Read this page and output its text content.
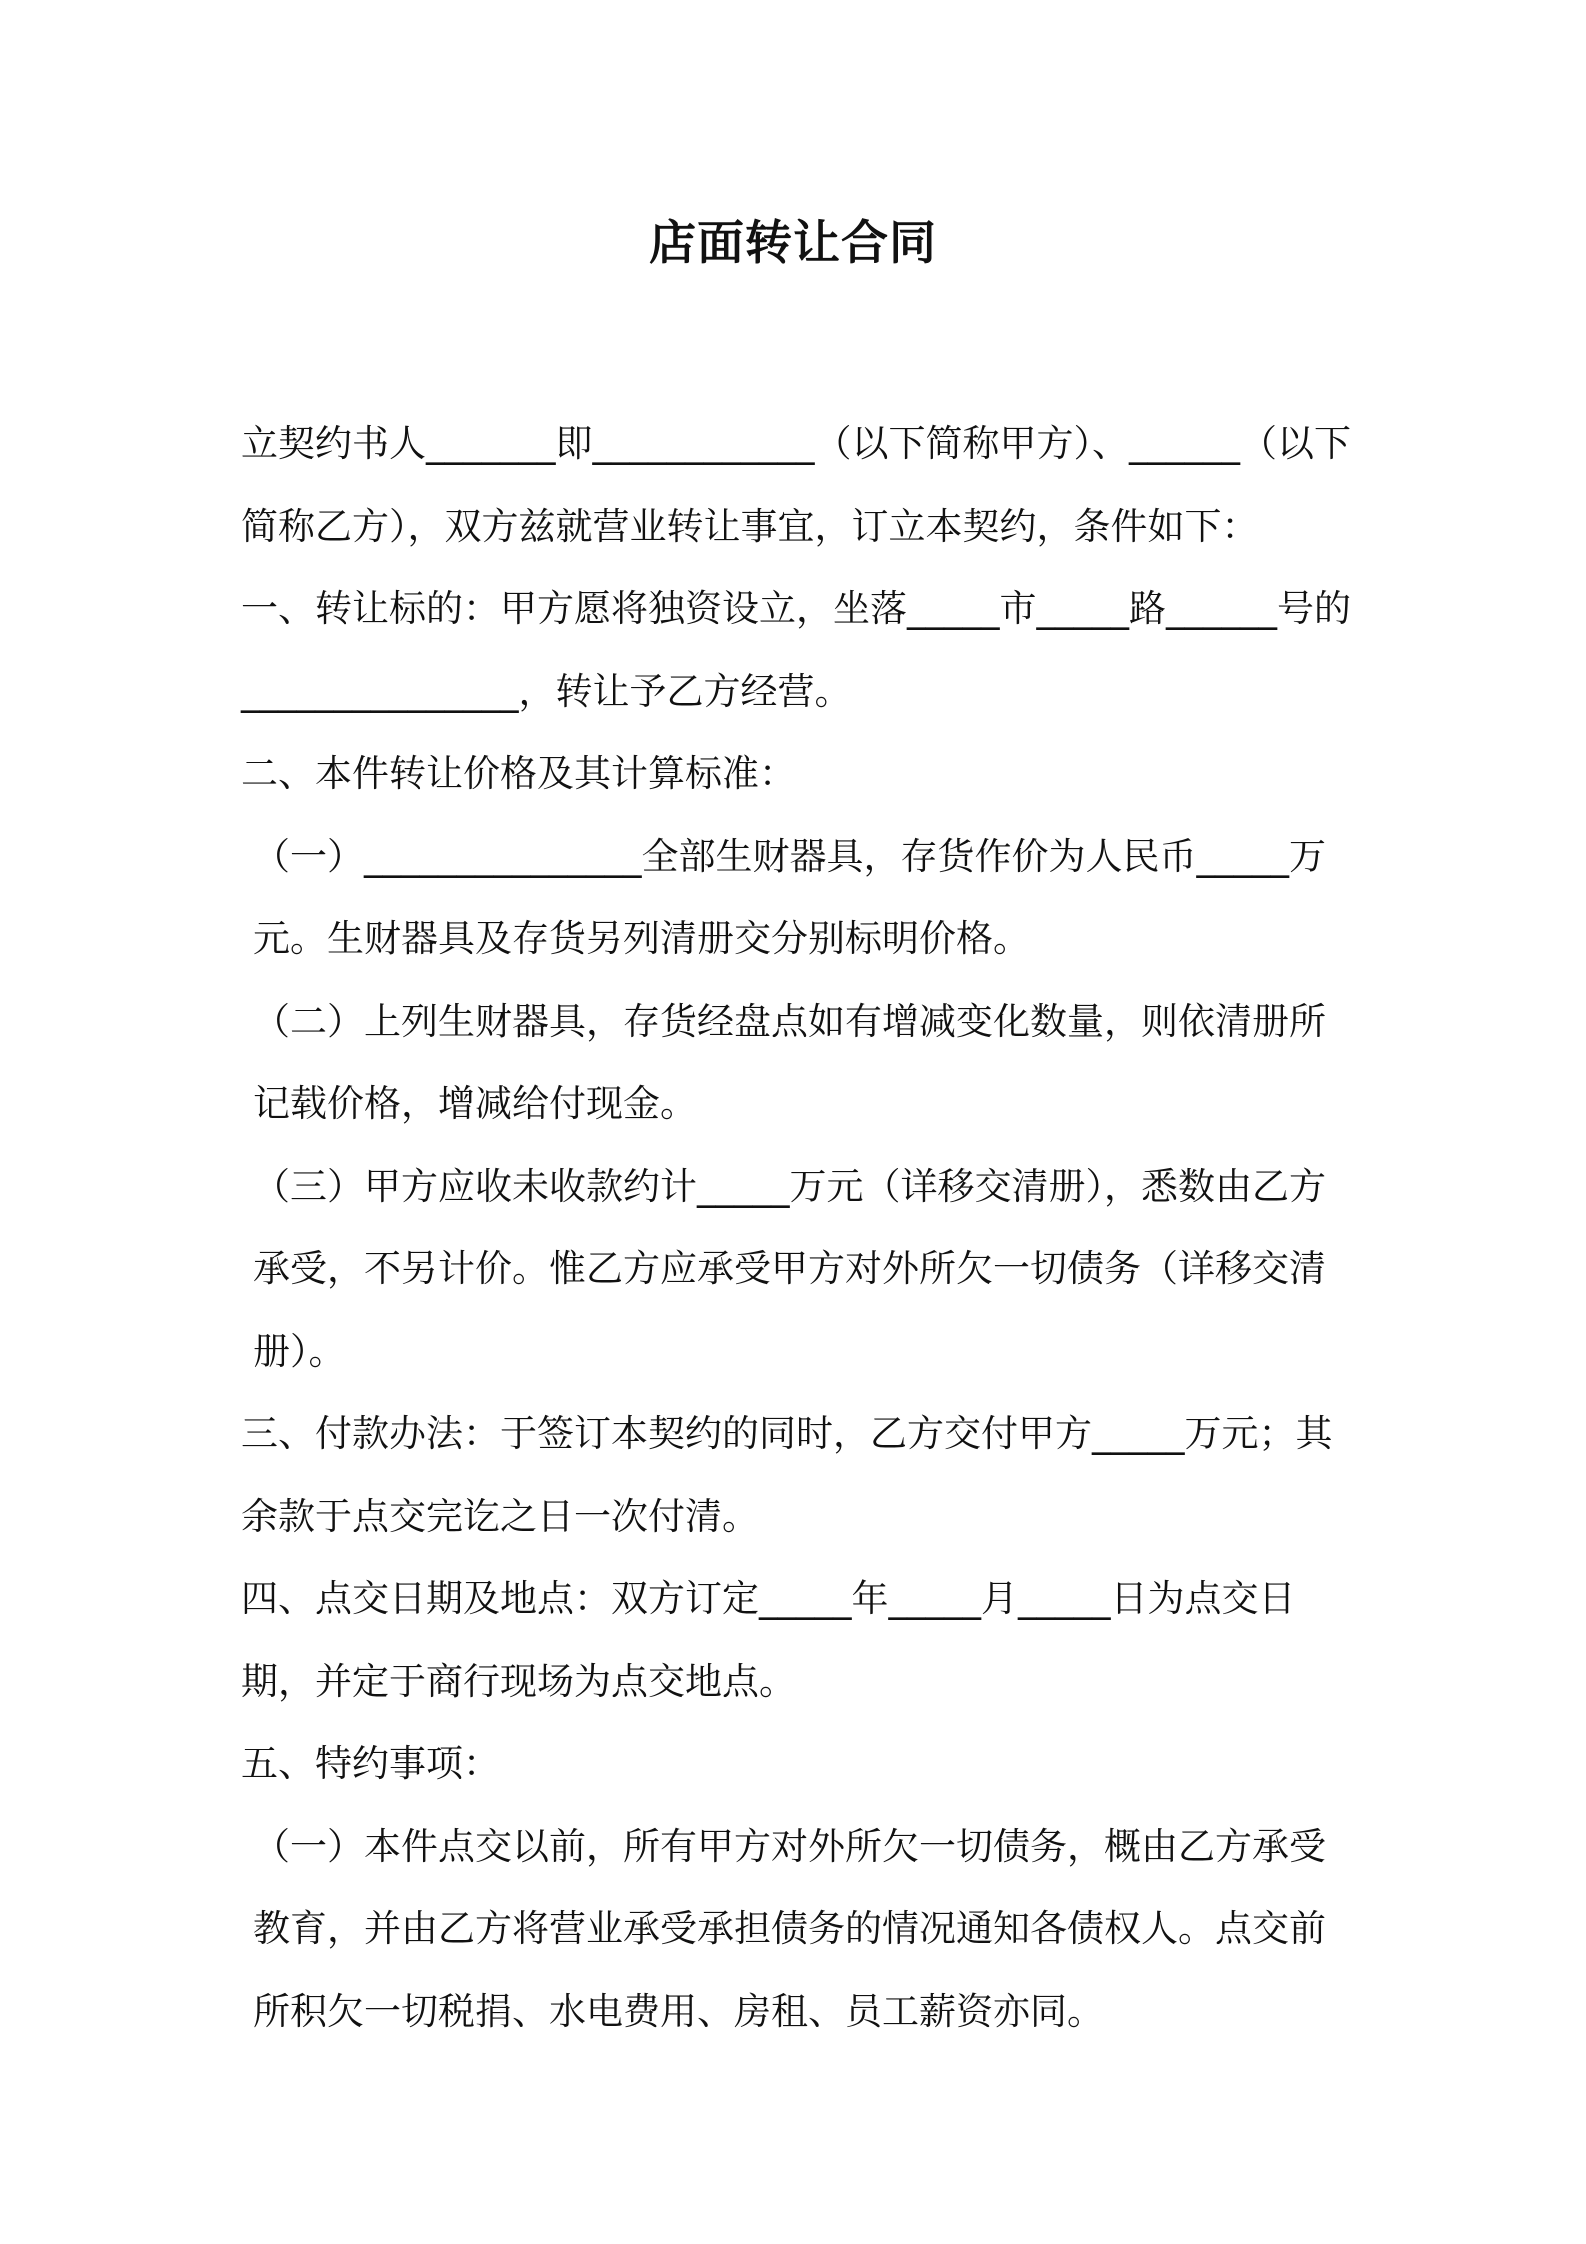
店面转让合同

立契约书人_______即____________（以下简称甲方）、______（以下简称乙方），双方兹就营业转让事宜，订立本契约，条件如下：

一、转让标的：甲方愿将独资设立，坐落_____市_____路______号的_______________，转让予乙方经营。

二、本件转让价格及其计算标准：

（一）_______________全部生财器具，存货作价为人民币_____万元。生财器具及存货另列清册交分别标明价格。

（二）上列生财器具，存货经盘点如有增减变化数量，则依清册所记载价格，增减给付现金。

（三）甲方应收未收款约计_____万元（详移交清册），悉数由乙方承受，不另计价。惟乙方应承受甲方对外所欠一切债务（详移交清册）。

三、付款办法：于签订本契约的同时，乙方交付甲方_____万元；其余款于点交完讫之日一次付清。

四、点交日期及地点：双方订定_____年_____月_____日为点交日期，并定于商行现场为点交地点。

五、特约事项：

（一）本件点交以前，所有甲方对外所欠一切债务，概由乙方承受教育，并由乙方将营业承受承担债务的情况通知各债权人。点交前所积欠一切税捐、水电费用、房租、员工薪资亦同。
